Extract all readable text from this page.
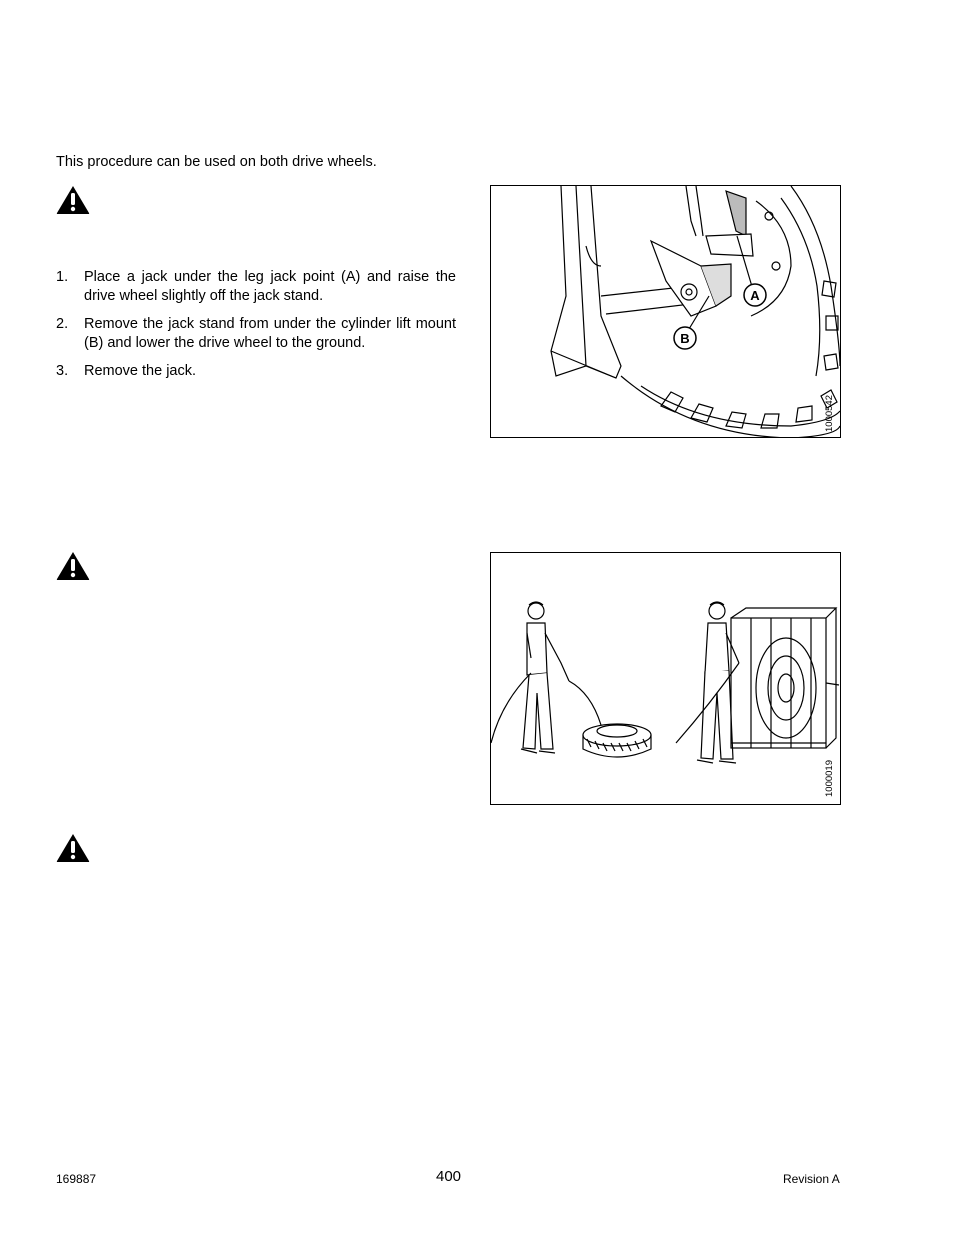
This procedure can be used on both drive wheels.
1. Place a jack under the leg jack point (A) and raise the drive wheel slightly off the jack stand.
2. Remove the jack stand from under the cylinder lift mount (B) and lower the drive wheel to the ground.
3. Remove the jack.
A
B
1000542
1000019
169887	400	Revision A
